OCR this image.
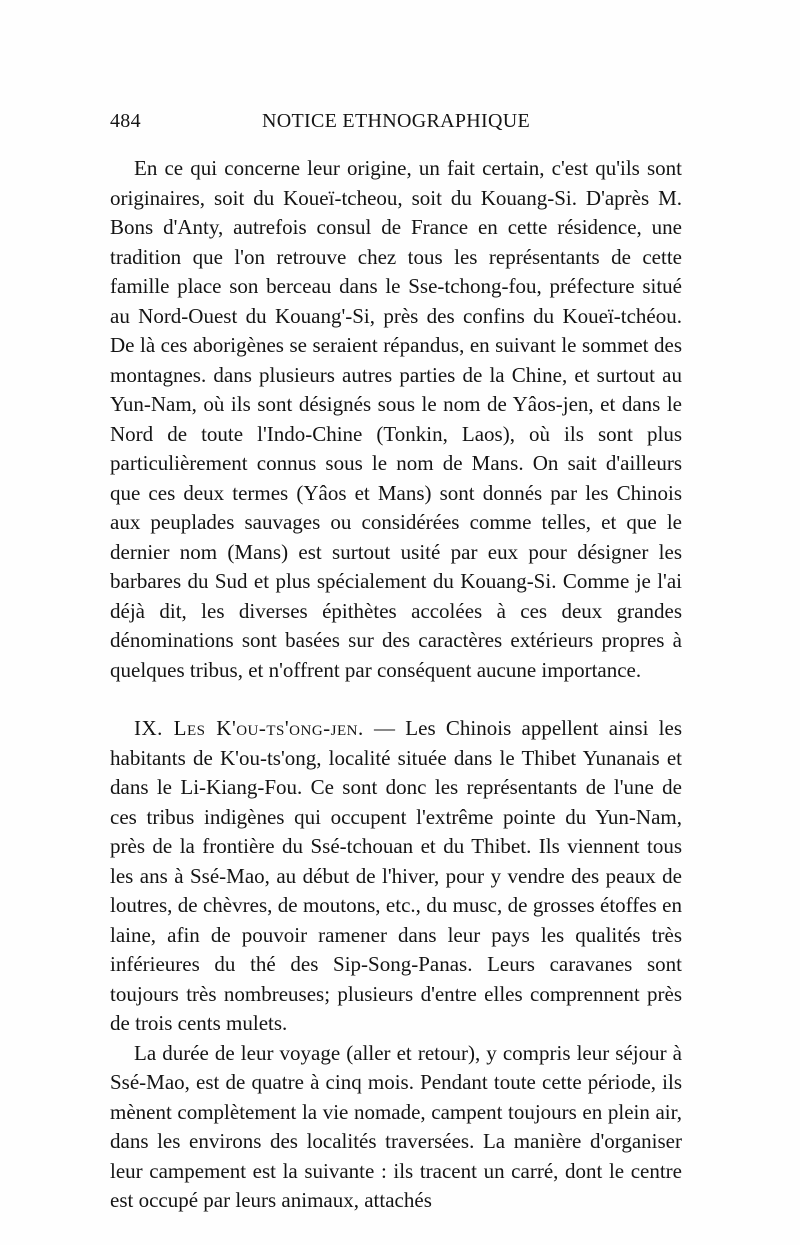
484	NOTICE ETHNOGRAPHIQUE

En ce qui concerne leur origine, un fait certain, c'est qu'ils sont originaires, soit du Koueï-tcheou, soit du Kouang-Si. D'après M. Bons d'Anty, autrefois consul de France en cette résidence, une tradition que l'on retrouve chez tous les représentants de cette famille place son berceau dans le Sse-tchong-fou, préfecture situé au Nord-Ouest du Kouang'-Si, près des confins du Koueï-tchéou. De là ces aborigènes se seraient répandus, en suivant le sommet des montagnes. dans plusieurs autres parties de la Chine, et surtout au Yun-Nam, où ils sont désignés sous le nom de Yâos-jen, et dans le Nord de toute l'Indo-Chine (Tonkin, Laos), où ils sont plus particulièrement connus sous le nom de Mans. On sait d'ailleurs que ces deux termes (Yâos et Mans) sont donnés par les Chinois aux peuplades sauvages ou considérées comme telles, et que le dernier nom (Mans) est surtout usité par eux pour désigner les barbares du Sud et plus spécialement du Kouang-Si. Comme je l'ai déjà dit, les diverses épithètes accolées à ces deux grandes dénominations sont basées sur des caractères extérieurs propres à quelques tribus, et n'offrent par conséquent aucune importance.

IX. Les K'ou-ts'ong-jen. — Les Chinois appellent ainsi les habitants de K'ou-ts'ong, localité située dans le Thibet Yunanais et dans le Li-Kiang-Fou. Ce sont donc les représentants de l'une de ces tribus indigènes qui occupent l'extrême pointe du Yun-Nam, près de la frontière du Ssé-tchouan et du Thibet. Ils viennent tous les ans à Ssé-Mao, au début de l'hiver, pour y vendre des peaux de loutres, de chèvres, de moutons, etc., du musc, de grosses étoffes en laine, afin de pouvoir ramener dans leur pays les qualités très inférieures du thé des Sip-Song-Panas. Leurs caravanes sont toujours très nombreuses; plusieurs d'entre elles comprennent près de trois cents mulets.

La durée de leur voyage (aller et retour), y compris leur séjour à Ssé-Mao, est de quatre à cinq mois. Pendant toute cette période, ils mènent complètement la vie nomade, campent toujours en plein air, dans les environs des localités traversées. La manière d'organiser leur campement est la suivante : ils tracent un carré, dont le centre est occupé par leurs animaux, attachés
